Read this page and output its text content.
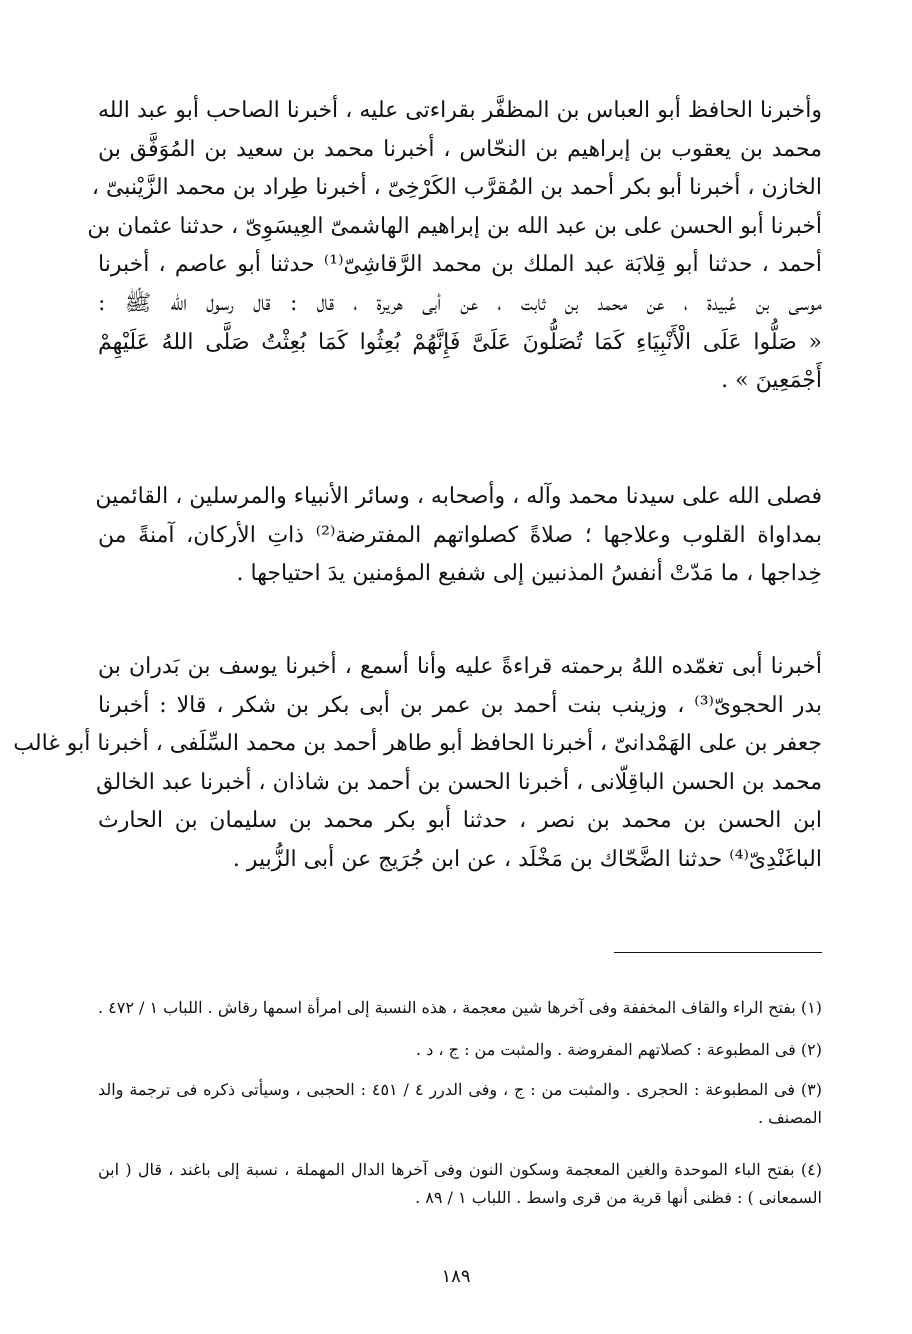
وأخبرنا الحافظ أبو العباس بن المظفَّر بقراءتى عليه ، أخبرنا الصاحب أبو عبد الله
محمد بن يعقوب بن إبراهيم بن النحّاس ، أخبرنا محمد بن سعيد بن المُوَفَّق بن
الخازن ، أخبرنا أبو بكر أحمد بن المُقرَّب الكَرْخِىّ ، أخبرنا طِراد بن محمد الزَّيْنبىّ ،
أخبرنا أبو الحسن على بن عبد الله بن إبراهيم الهاشمىّ العِيسَوِىّ ، حدثنا عثمان بن
أحمد ، حدثنا أبو قِلابَة عبد الملك بن محمد الرَّقاشِىّ⁽¹⁾ حدثنا أبو عاصم ، أخبرنا
موسى بن عُبيدة ، عن محمد بن ثابت ، عن أبى هريرة ، قال : قال رسول الله ﷺ :
« صَلُّوا عَلَى الْأَنْبِيَاءِ كَمَا تُصَلُّونَ عَلَىَّ فَإِنَّهُمْ بُعِثُوا كَمَا بُعِثْتُ صَلَّى اللهُ عَلَيْهِمْ
أَجْمَعِينَ » .
فصلى الله على سيدنا محمد وآله ، وأصحابه ، وسائر الأنبياء والمرسلين ، القائمين
بمداواة القلوب وعلاجها ؛ صلاةً كصلواتهم المفترضة⁽²⁾ ذاتِ الأركان، آمنةً من
خِداجها ، ما مَدّتْ أنفسُ المذنبين إلى شفيع المؤمنين يدَ احتياجها .
أخبرنا أبى تغمّده اللهُ برحمته قراءةً عليه وأنا أسمع ، أخبرنا يوسف بن بَدران بن
بدر الحجوىّ⁽³⁾ ، وزينب بنت أحمد بن عمر بن أبى بكر بن شكر ، قالا : أخبرنا
جعفر بن على الهَمْدانىّ ، أخبرنا الحافظ أبو طاهر أحمد بن محمد السِّلَفى ، أخبرنا أبو غالب
محمد بن الحسن الباقِلّانى ، أخبرنا الحسن بن أحمد بن شاذان ، أخبرنا عبد الخالق
ابن الحسن بن محمد بن نصر ، حدثنا أبو بكر محمد بن سليمان بن الحارث
الباغَنْدِىّ⁽⁴⁾ حدثنا الضَّحّاك بن مَخْلَد ، عن ابن جُرَيج عن أبى الزُّبير .
(١) بفتح الراء والقاف المخففة وفى آخرها شين معجمة ، هذه النسبة إلى امرأة اسمها رقاش . اللباب ١ / ٤٧٢ .
(٢) فى المطبوعة : كصلاتهم المفروضة . والمثبت من : ج ، د .
(٣) فى المطبوعة : الحجرى . والمثبت من : ج ، وفى الدرر ٤ / ٤٥١ : الحجبى ، وسيأتى ذكره فى ترجمة والد
المصنف .
(٤) بفتح الباء الموحدة والغين المعجمة وسكون النون وفى آخرها الدال المهملة ، نسبة إلى باغند ، قال ( ابن
السمعانى ) : فظنى أنها قرية من قرى واسط . اللباب ١ / ٨٩ .
١٨٩
